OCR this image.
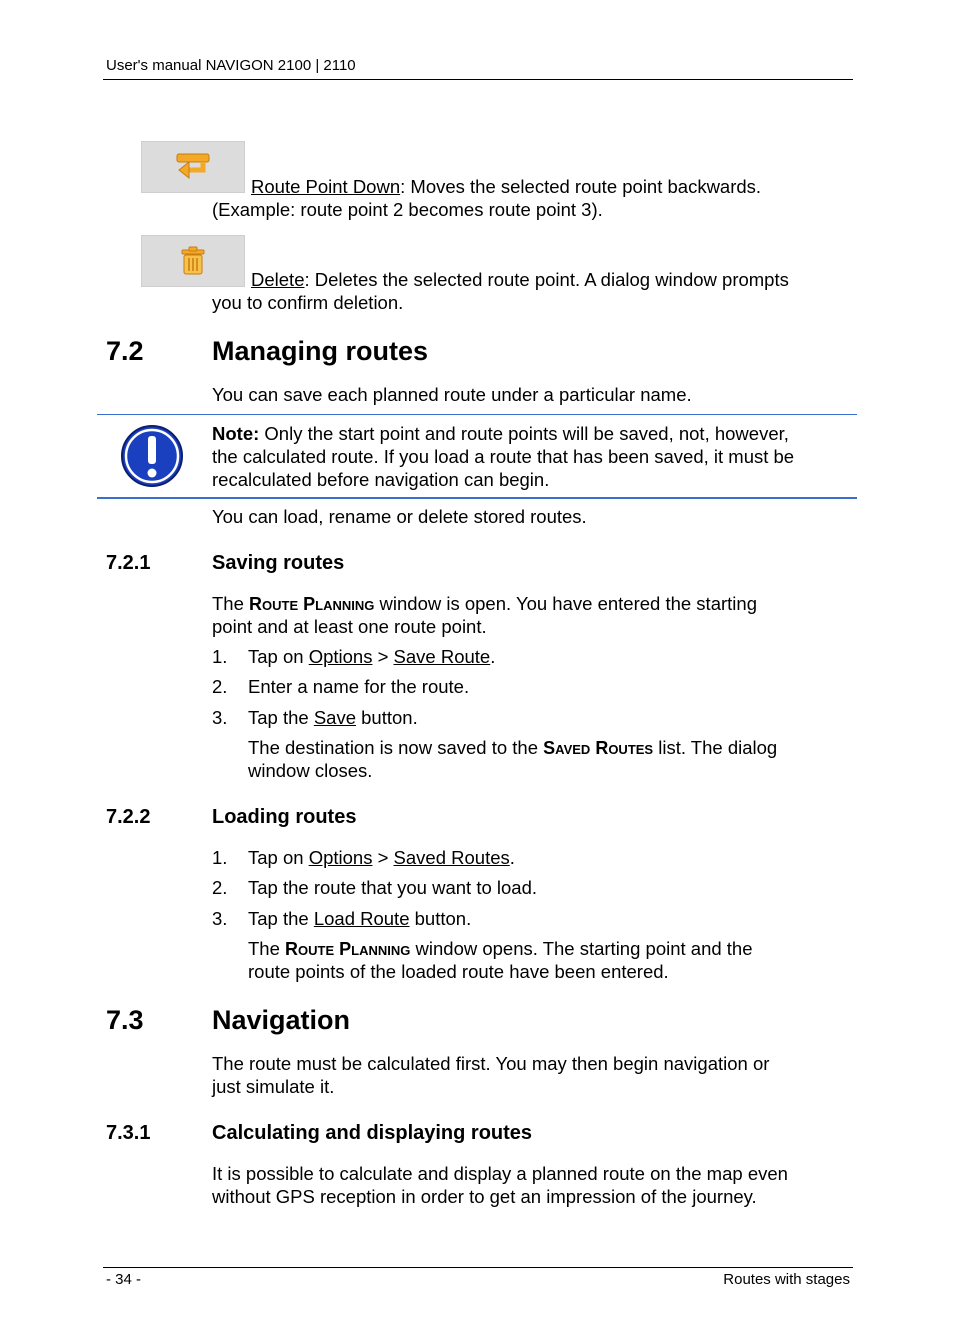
User's manual NAVIGON 2100 | 2110
Route Point Down: Moves the selected route point backwards.
(Example: route point 2 becomes route point 3).
Delete: Deletes the selected route point. A dialog window prompts
you to confirm deletion.
7.2	Managing routes
You can save each planned route under a particular name.
Note: Only the start point and route points will be saved, not, however,
the calculated route. If you load a route that has been saved, it must be
recalculated before navigation can begin.
You can load, rename or delete stored routes.
7.2.1	Saving routes
The Route Planning window is open. You have entered the starting
point and at least one route point.
1. Tap on Options > Save Route.
2. Enter a name for the route.
3. Tap the Save button.
The destination is now saved to the Saved Routes list. The dialog
window closes.
7.2.2	Loading routes
1. Tap on Options > Saved Routes.
2. Tap the route that you want to load.
3. Tap the Load Route button.
The Route Planning window opens. The starting point and the
route points of the loaded route have been entered.
7.3	Navigation
The route must be calculated first. You may then begin navigation or
just simulate it.
7.3.1	Calculating and displaying routes
It is possible to calculate and display a planned route on the map even
without GPS reception in order to get an impression of the journey.
- 34 -	Routes with stages
